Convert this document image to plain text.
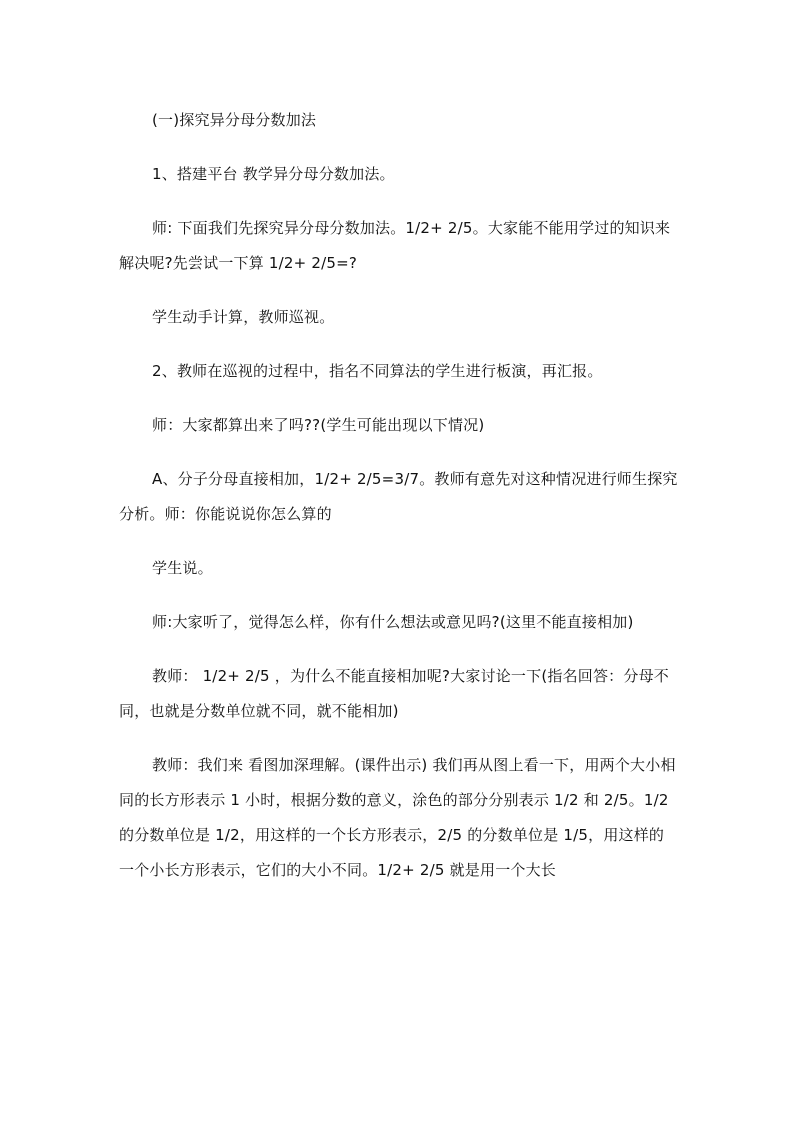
(一)探究异分母分数加法

1、搭建平台 教学异分母分数加法。

师: 下面我们先探究异分母分数加法。1/2+ 2/5。大家能不能用学过的知识来解决呢?先尝试一下算 1/2+ 2/5=?

学生动手计算，教师巡视。

2、教师在巡视的过程中，指名不同算法的学生进行板演，再汇报。

师：大家都算出来了吗??(学生可能出现以下情况)

A、分子分母直接相加，1/2+ 2/5=3/7。教师有意先对这种情况进行师生探究分析。师：你能说说你怎么算的

学生说。

师:大家听了，觉得怎么样，你有什么想法或意见吗?(这里不能直接相加)

教师： 1/2+ 2/5 ，为什么不能直接相加呢?大家讨论一下(指名回答：分母不同，也就是分数单位就不同，就不能相加)

教师：我们来 看图加深理解。(课件出示) 我们再从图上看一下，用两个大小相同的长方形表示 1 小时，根据分数的意义，涂色的部分分别表示 1/2 和 2/5。1/2 的分数单位是 1/2，用这样的一个长方形表示，2/5 的分数单位是 1/5，用这样的一个小长方形表示，它们的大小不同。1/2+ 2/5 就是用一个大长
